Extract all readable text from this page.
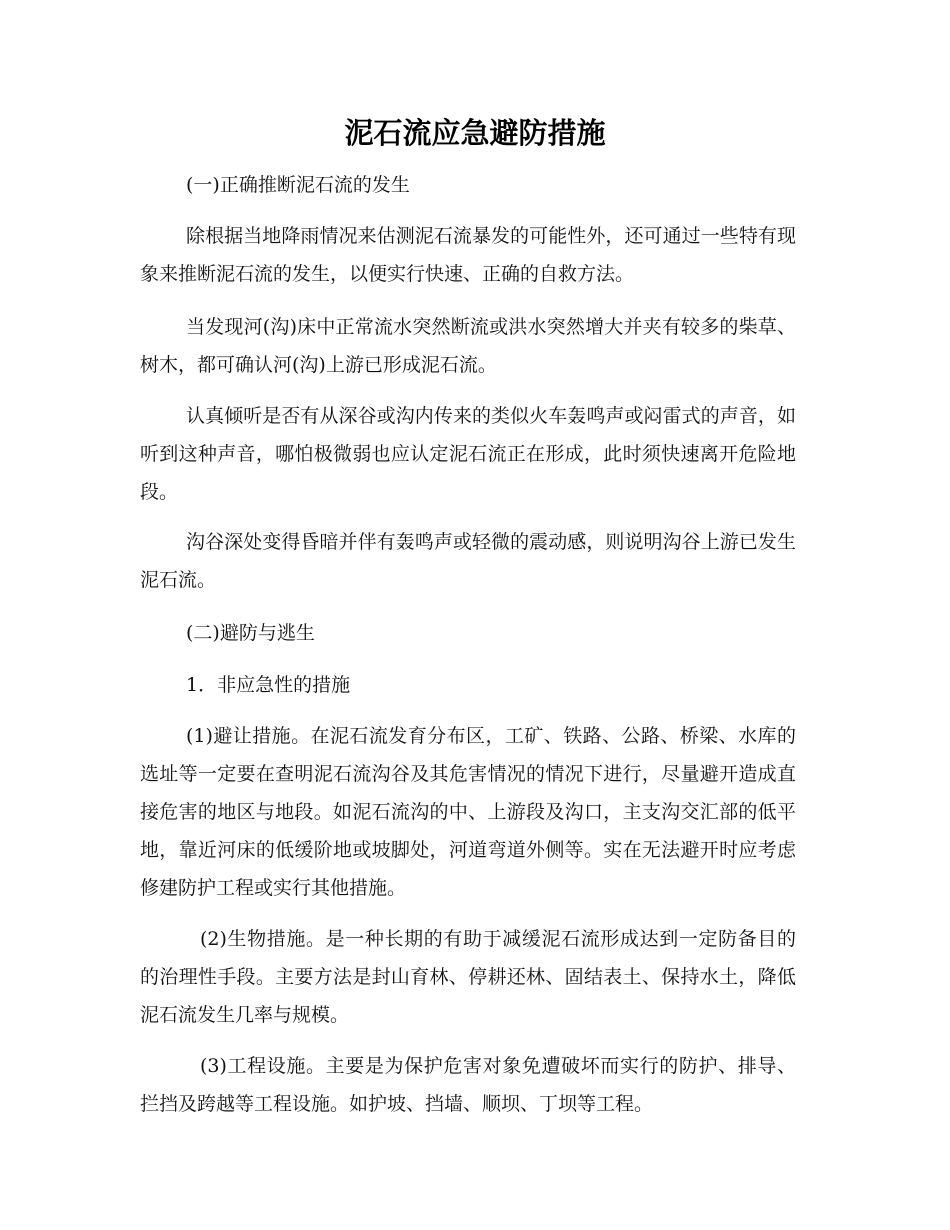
泥石流应急避防措施

(一)正确推断泥石流的发生

除根据当地降雨情况来估测泥石流暴发的可能性外，还可通过一些特有现象来推断泥石流的发生，以便实行快速、正确的自救方法。

当发现河(沟)床中正常流水突然断流或洪水突然增大并夹有较多的柴草、树木，都可确认河(沟)上游已形成泥石流。

认真倾听是否有从深谷或沟内传来的类似火车轰鸣声或闷雷式的声音，如听到这种声音，哪怕极微弱也应认定泥石流正在形成，此时须快速离开危险地段。

沟谷深处变得昏暗并伴有轰鸣声或轻微的震动感，则说明沟谷上游已发生泥石流。

(二)避防与逃生

1．非应急性的措施

(1)避让措施。在泥石流发育分布区，工矿、铁路、公路、桥梁、水库的选址等一定要在查明泥石流沟谷及其危害情况的情况下进行，尽量避开造成直接危害的地区与地段。如泥石流沟的中、上游段及沟口，主支沟交汇部的低平地，靠近河床的低缓阶地或坡脚处，河道弯道外侧等。实在无法避开时应考虑修建防护工程或实行其他措施。

(2)生物措施。是一种长期的有助于减缓泥石流形成达到一定防备目的的治理性手段。主要方法是封山育林、停耕还林、固结表土、保持水土，降低泥石流发生几率与规模。

(3)工程设施。主要是为保护危害对象免遭破坏而实行的防护、排导、拦挡及跨越等工程设施。如护坡、挡墙、顺坝、丁坝等工程。
